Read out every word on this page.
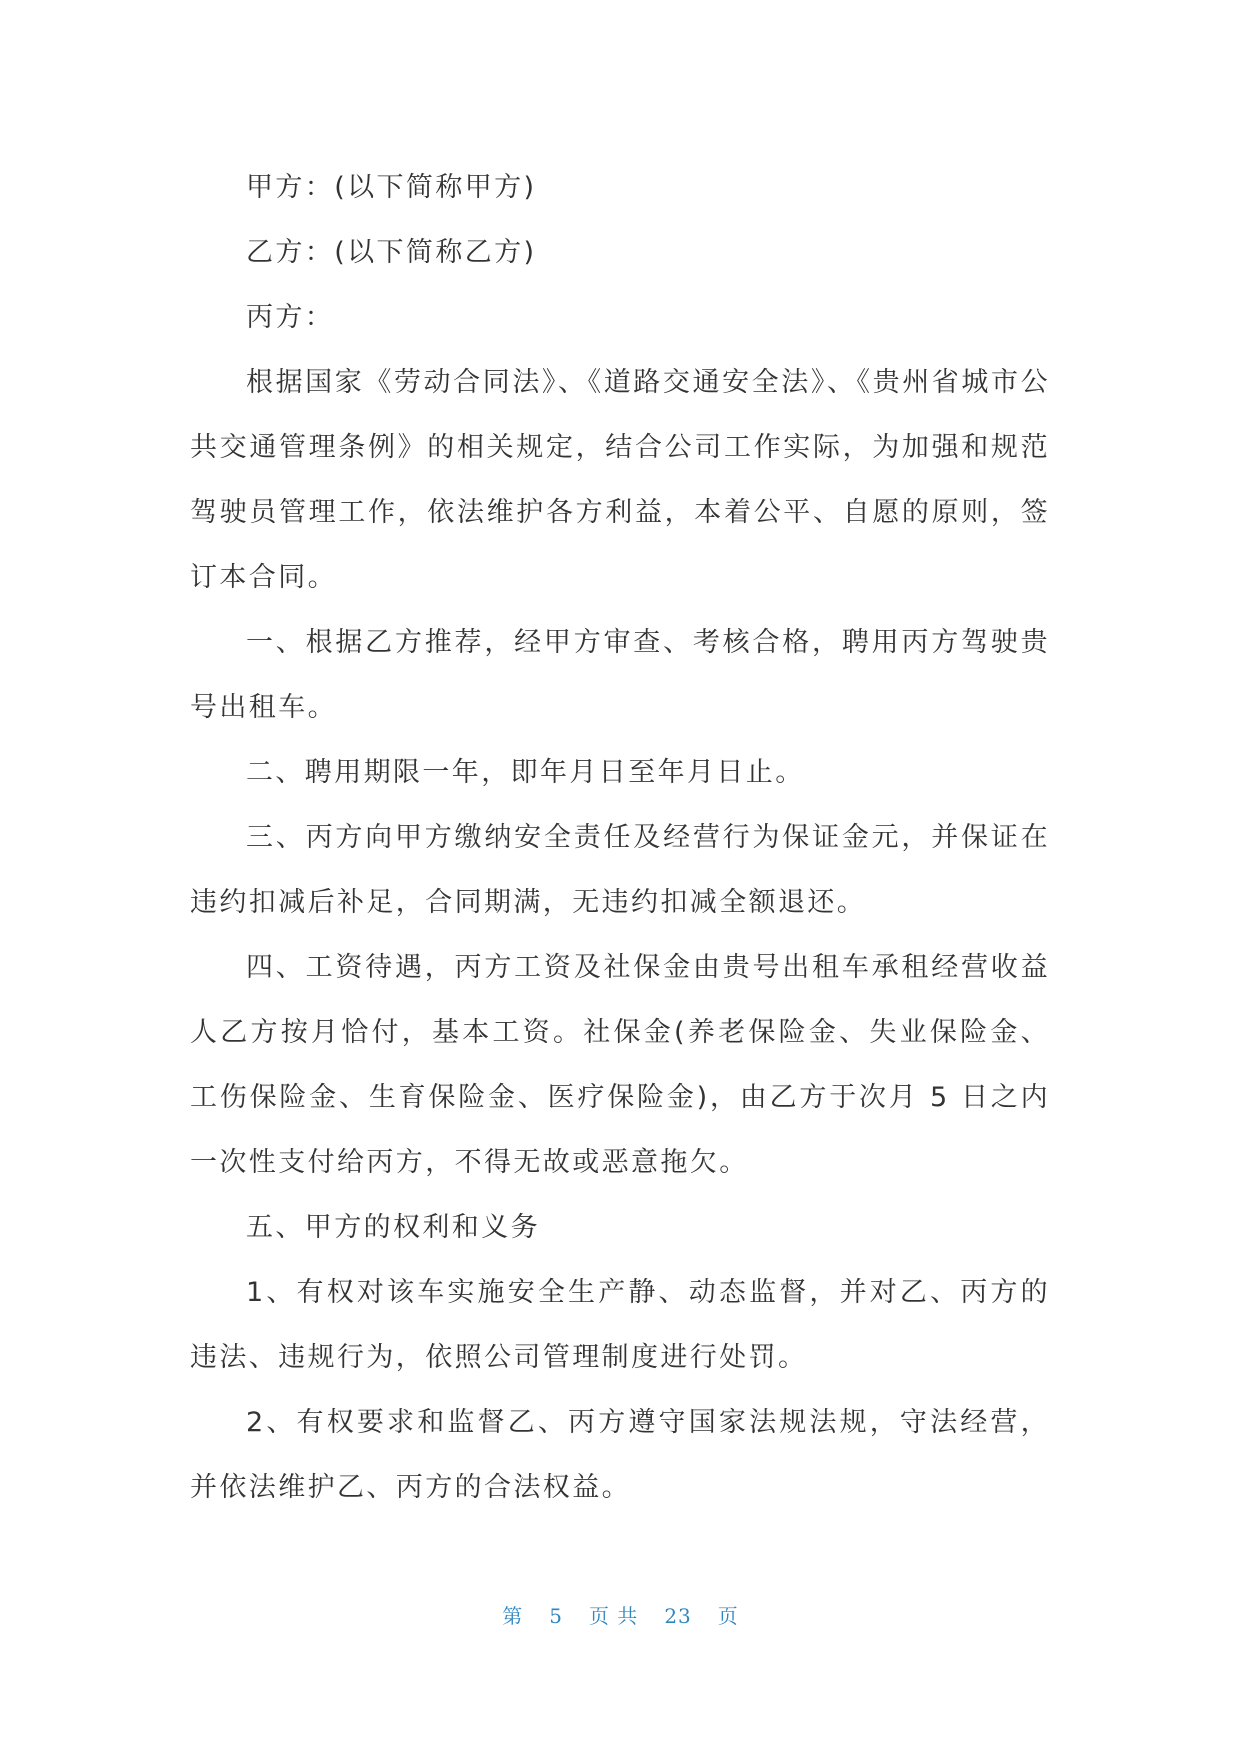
甲方：(以下简称甲方)

乙方：(以下简称乙方)

丙方：

根据国家《劳动合同法》、《道路交通安全法》、《贵州省城市公共交通管理条例》的相关规定，结合公司工作实际，为加强和规范驾驶员管理工作，依法维护各方利益，本着公平、自愿的原则，签订本合同。

一、根据乙方推荐，经甲方审查、考核合格，聘用丙方驾驶贵号出租车。

二、聘用期限一年，即年月日至年月日止。

三、丙方向甲方缴纳安全责任及经营行为保证金元，并保证在违约扣减后补足，合同期满，无违约扣减全额退还。

四、工资待遇，丙方工资及社保金由贵号出租车承租经营收益人乙方按月恰付，基本工资。社保金(养老保险金、失业保险金、工伤保险金、生育保险金、医疗保险金)，由乙方于次月 5 日之内一次性支付给丙方，不得无故或恶意拖欠。

五、甲方的权利和义务

1、有权对该车实施安全生产静、动态监督，并对乙、丙方的违法、违规行为，依照公司管理制度进行处罚。

2、有权要求和监督乙、丙方遵守国家法规法规，守法经营，并依法维护乙、丙方的合法权益。

第 5 页 共 23 页
